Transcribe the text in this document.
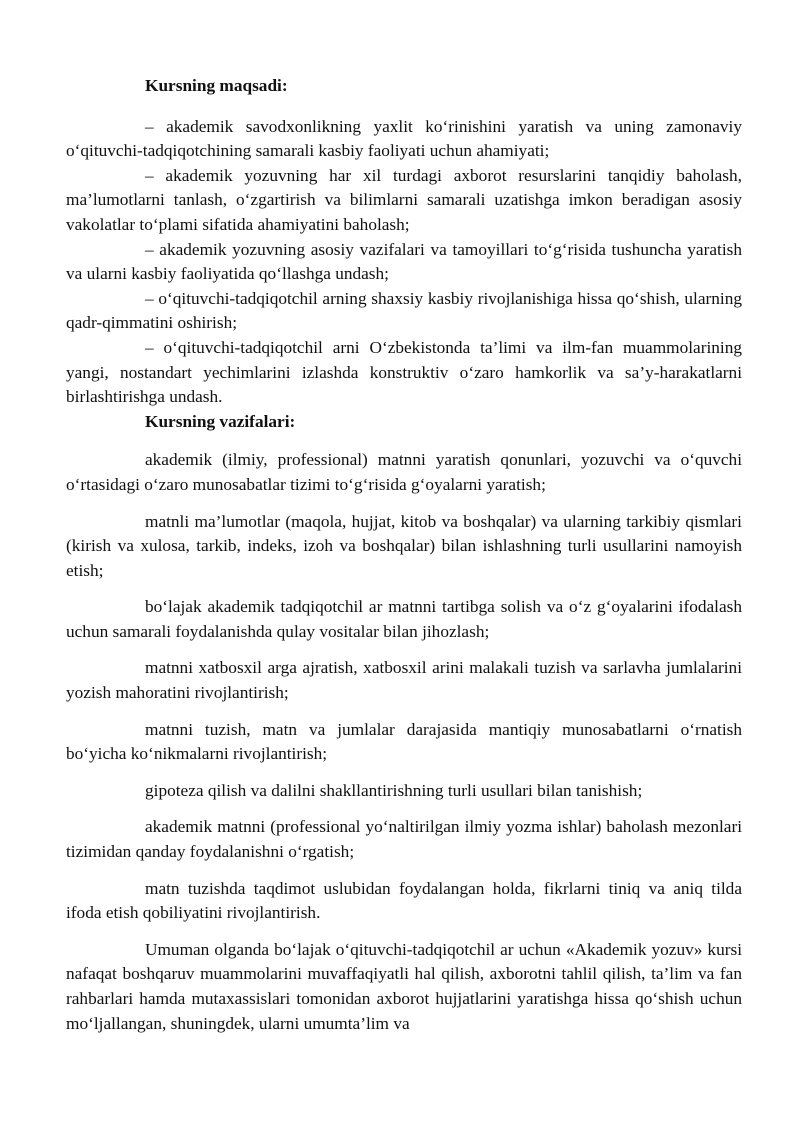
Kursning maqsadi:

– akademik savodxonlikning yaxlit ko‘rinishini yaratish va uning zamonaviy o‘qituvchi-tadqiqotchining samarali kasbiy faoliyati uchun ahamiyati;

– akademik yozuvning har xil turdagi axborot resurslarini tanqidiy baholash, ma’lumotlarni tanlash, o‘zgartirish va bilimlarni samarali uzatishga imkon beradigan asosiy vakolatlar to‘plami sifatida ahamiyatini baholash;

– akademik yozuvning asosiy vazifalari va tamoyillari to‘g‘risida tushuncha yaratish va ularni kasbiy faoliyatida qo‘llashga undash;

– o‘qituvchi-tadqiqotchil arning shaxsiy kasbiy rivojlanishiga hissa qo‘shish, ularning qadr-qimmatini oshirish;

– o‘qituvchi-tadqiqotchil arni O‘zbekistonda ta’limi va ilm-fan muammolarining yangi, nostandart yechimlarini izlashda konstruktiv o‘zaro hamkorlik va sa’y-harakatlarni birlashtirishga undash.

Kursning vazifalari:

akademik (ilmiy, professional) matnni yaratish qonunlari, yozuvchi va o‘quvchi o‘rtasidagi o‘zaro munosabatlar tizimi to‘g‘risida g‘oyalarni yaratish;

matnli ma’lumotlar (maqola, hujjat, kitob va boshqalar) va ularning tarkibiy qismlari (kirish va xulosa, tarkib, indeks, izoh va boshqalar) bilan ishlashning turli usullarini namoyish etish;

bo‘lajak akademik tadqiqotchil ar matnni tartibga solish va o‘z g‘oyalarini ifodalash uchun samarali foydalanishda qulay vositalar bilan jihozlash;

matnni xatbosxil arga ajratish, xatbosxil arini malakali tuzish va sarlavha jumlalarini yozish mahoratini rivojlantirish;

matnni tuzish, matn va jumlalar darajasida mantiqiy munosabatlarni o‘rnatish bo‘yicha ko‘nikmalarni rivojlantirish;

gipoteza qilish va dalilni shakllantirishning turli usullari bilan tanishish;

akademik matnni (professional yo‘naltirilgan ilmiy yozma ishlar) baholash mezonlari tizimidan qanday foydalanishni o‘rgatish;

matn tuzishda taqdimot uslubidan foydalangan holda, fikrlarni tiniq va aniq tilda ifoda etish qobiliyatini rivojlantirish.

Umuman olganda bo‘lajak o‘qituvchi-tadqiqotchil ar uchun «Akademik yozuv» kursi nafaqat boshqaruv muammolarini muvaffaqiyatli hal qilish, axborotni tahlil qilish, ta’lim va fan rahbarlari hamda mutaxassislari tomonidan axborot hujjatlarini yaratishga hissa qo‘shish uchun mo‘ljallangan, shuningdek, ularni umumta’lim va
